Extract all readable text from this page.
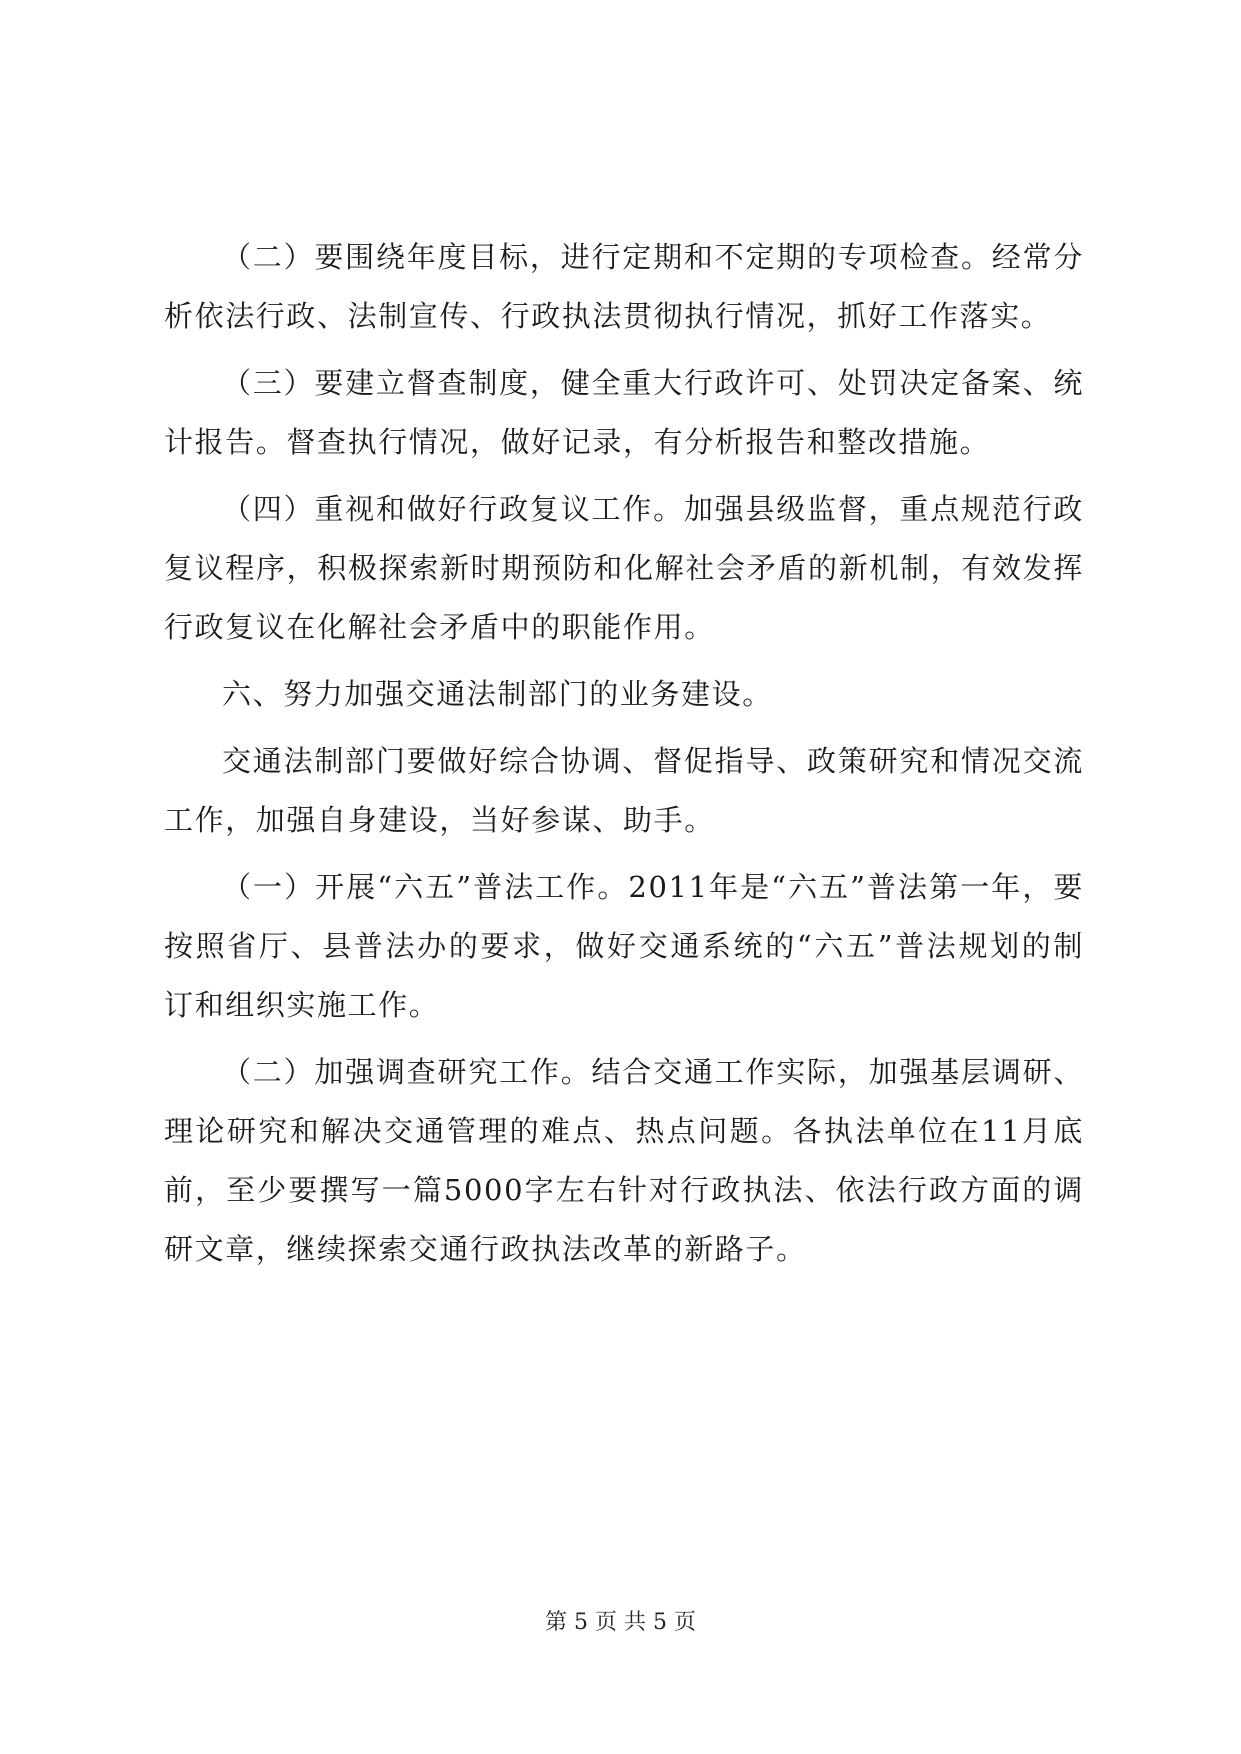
（二）要围绕年度目标，进行定期和不定期的专项检查。经常分析依法行政、法制宣传、行政执法贯彻执行情况，抓好工作落实。

（三）要建立督查制度，健全重大行政许可、处罚决定备案、统计报告。督查执行情况，做好记录，有分析报告和整改措施。

（四）重视和做好行政复议工作。加强县级监督，重点规范行政复议程序，积极探索新时期预防和化解社会矛盾的新机制，有效发挥行政复议在化解社会矛盾中的职能作用。

六、努力加强交通法制部门的业务建设。

交通法制部门要做好综合协调、督促指导、政策研究和情况交流工作，加强自身建设，当好参谋、助手。

（一）开展“六五”普法工作。2011年是“六五”普法第一年，要按照省厅、县普法办的要求，做好交通系统的“六五”普法规划的制订和组织实施工作。

（二）加强调查研究工作。结合交通工作实际，加强基层调研、理论研究和解决交通管理的难点、热点问题。各执法单位在11月底前，至少要撰写一篇5000字左右针对行政执法、依法行政方面的调研文章，继续探索交通行政执法改革的新路子。

第 5 页 共 5 页
